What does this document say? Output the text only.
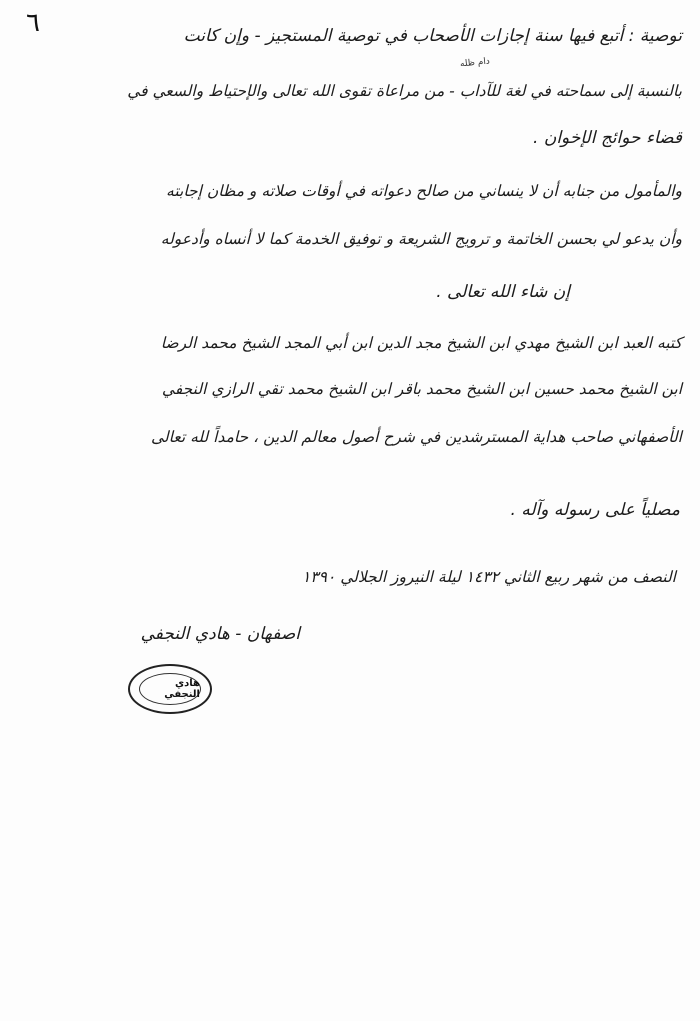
٦
دام ظله
توصية : أتبع فيها سنة إجازات الأصحاب في توصية المستجيز - وإن كانت
بالنسبة إلى سماحته في لغة للآداب - من مراعاة تقوى الله تعالى والإحتياط والسعي في
قضاء حوائج الإخوان .
والمأمول من جنابه أن لا ينساني من صالح دعواته في أوقات صلاته و مظان إجابته
وأن يدعو لي بحسن الخاتمة و ترويج الشريعة و توفيق الخدمة كما لا أنساه وأدعوله
إن شاء الله تعالى .
كتبه العبد ابن الشيخ مهدي ابن الشيخ مجد الدين ابن أبي المجد الشيخ محمد الرضا
ابن الشيخ محمد حسين ابن الشيخ محمد باقر ابن الشيخ محمد تقي الرازي النجفي
الأصفهاني صاحب هداية المسترشدين في شرح أصول معالم الدين ، حامداً لله تعالى
مصلياً على رسوله وآله .
النصف من شهر ربيع الثاني ١٤٣٢ ليلة النيروز الجلالي ١٣٩٠
اصفهان - هادي النجفي
هادي النجفي
